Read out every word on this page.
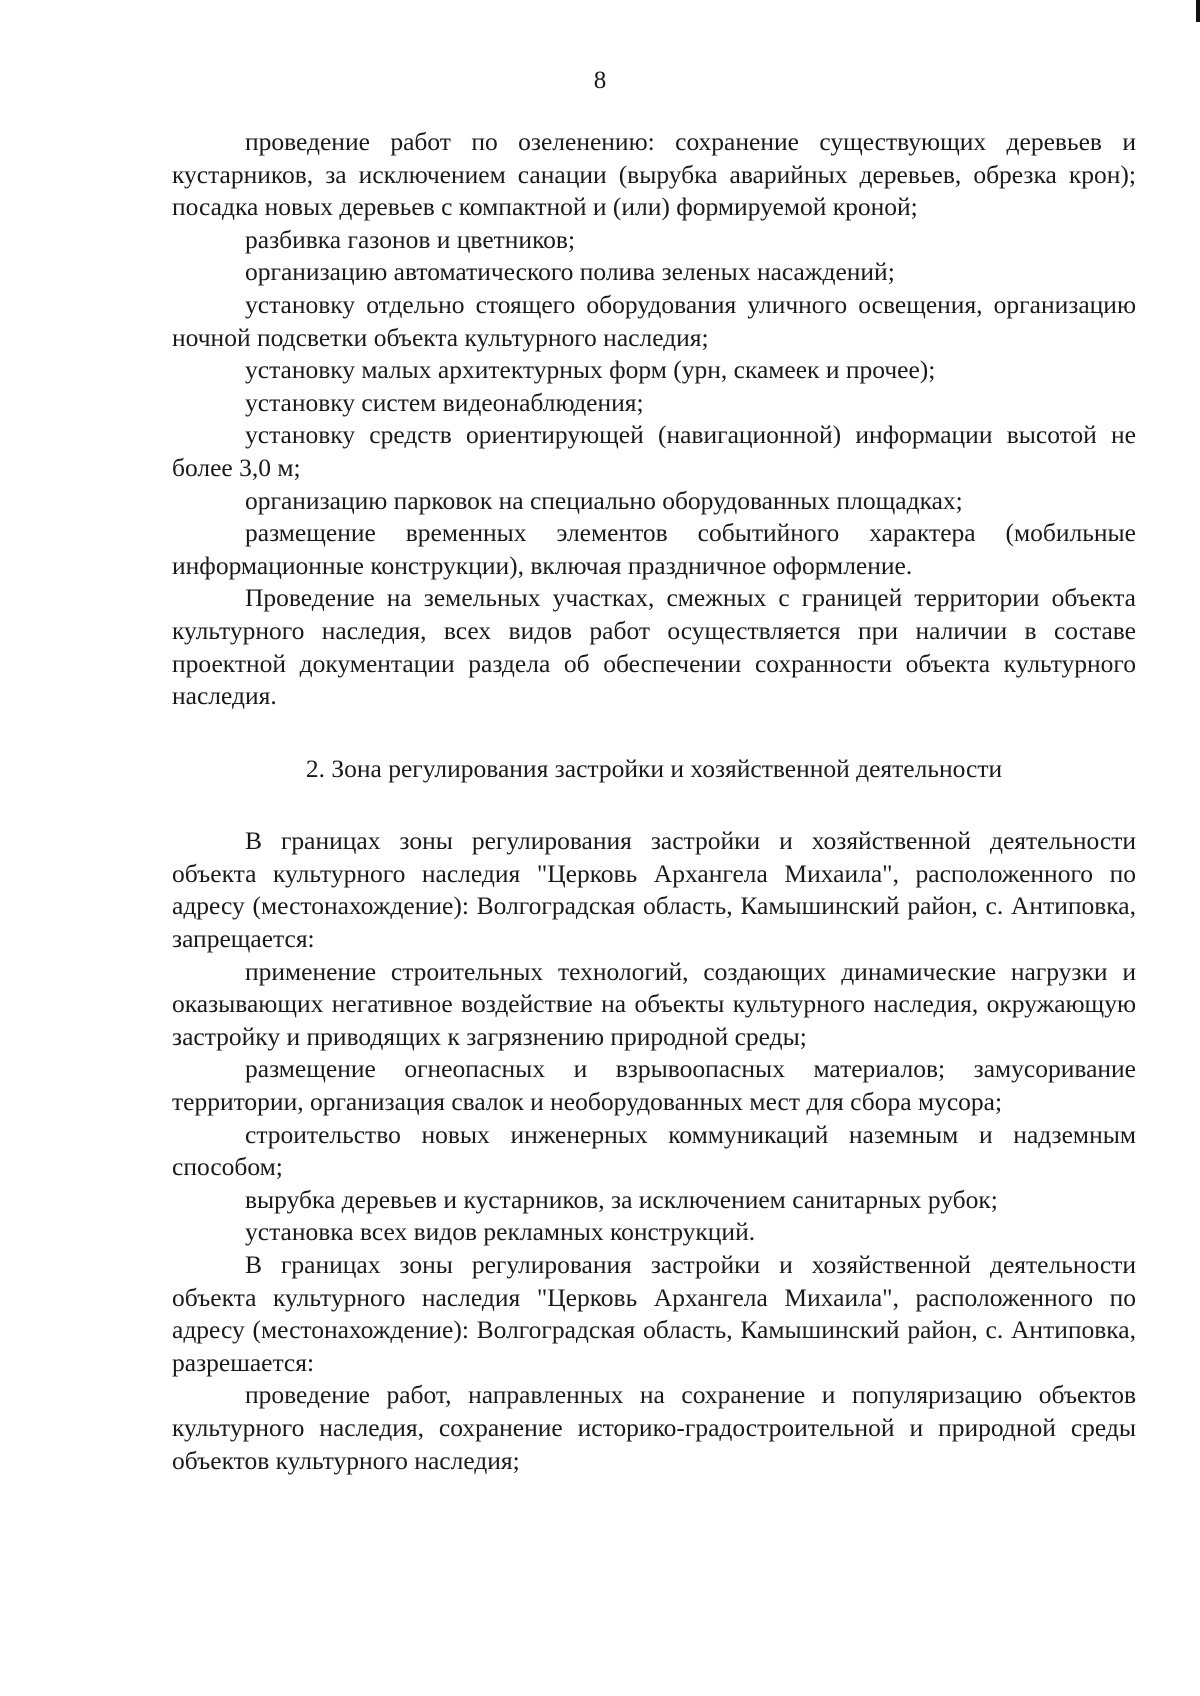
8

проведение работ по озеленению: сохранение существующих деревьев и кустарников, за исключением санации (вырубка аварийных деревьев, обрезка крон); посадка новых деревьев с компактной и (или) формируемой кроной;

разбивка газонов и цветников;

организацию автоматического полива зеленых насаждений;

установку отдельно стоящего оборудования уличного освещения, организацию ночной подсветки объекта культурного наследия;

установку малых архитектурных форм (урн, скамеек и прочее);

установку систем видеонаблюдения;

установку средств ориентирующей (навигационной) информации высотой не более 3,0 м;

организацию парковок на специально оборудованных площадках;

размещение временных элементов событийного характера (мобильные информационные конструкции), включая праздничное оформление.

Проведение на земельных участках, смежных с границей территории объекта культурного наследия, всех видов работ осуществляется при наличии в составе проектной документации раздела об обеспечении сохранности объекта культурного наследия.

2. Зона регулирования застройки и хозяйственной деятельности

В границах зоны регулирования застройки и хозяйственной деятельности объекта культурного наследия "Церковь Архангела Михаила", расположенного по адресу (местонахождение): Волгоградская область, Камышинский район, с. Антиповка, запрещается:

применение строительных технологий, создающих динамические нагрузки и оказывающих негативное воздействие на объекты культурного наследия, окружающую застройку и приводящих к загрязнению природной среды;

размещение огнеопасных и взрывоопасных материалов; замусоривание территории, организация свалок и необорудованных мест для сбора мусора;

строительство новых инженерных коммуникаций наземным и надземным способом;

вырубка деревьев и кустарников, за исключением санитарных рубок;

установка всех видов рекламных конструкций.

В границах зоны регулирования застройки и хозяйственной деятельности объекта культурного наследия "Церковь Архангела Михаила", расположенного по адресу (местонахождение): Волгоградская область, Камышинский район, с. Антиповка, разрешается:

проведение работ, направленных на сохранение и популяризацию объектов культурного наследия, сохранение историко-градостроительной и природной среды объектов культурного наследия;
